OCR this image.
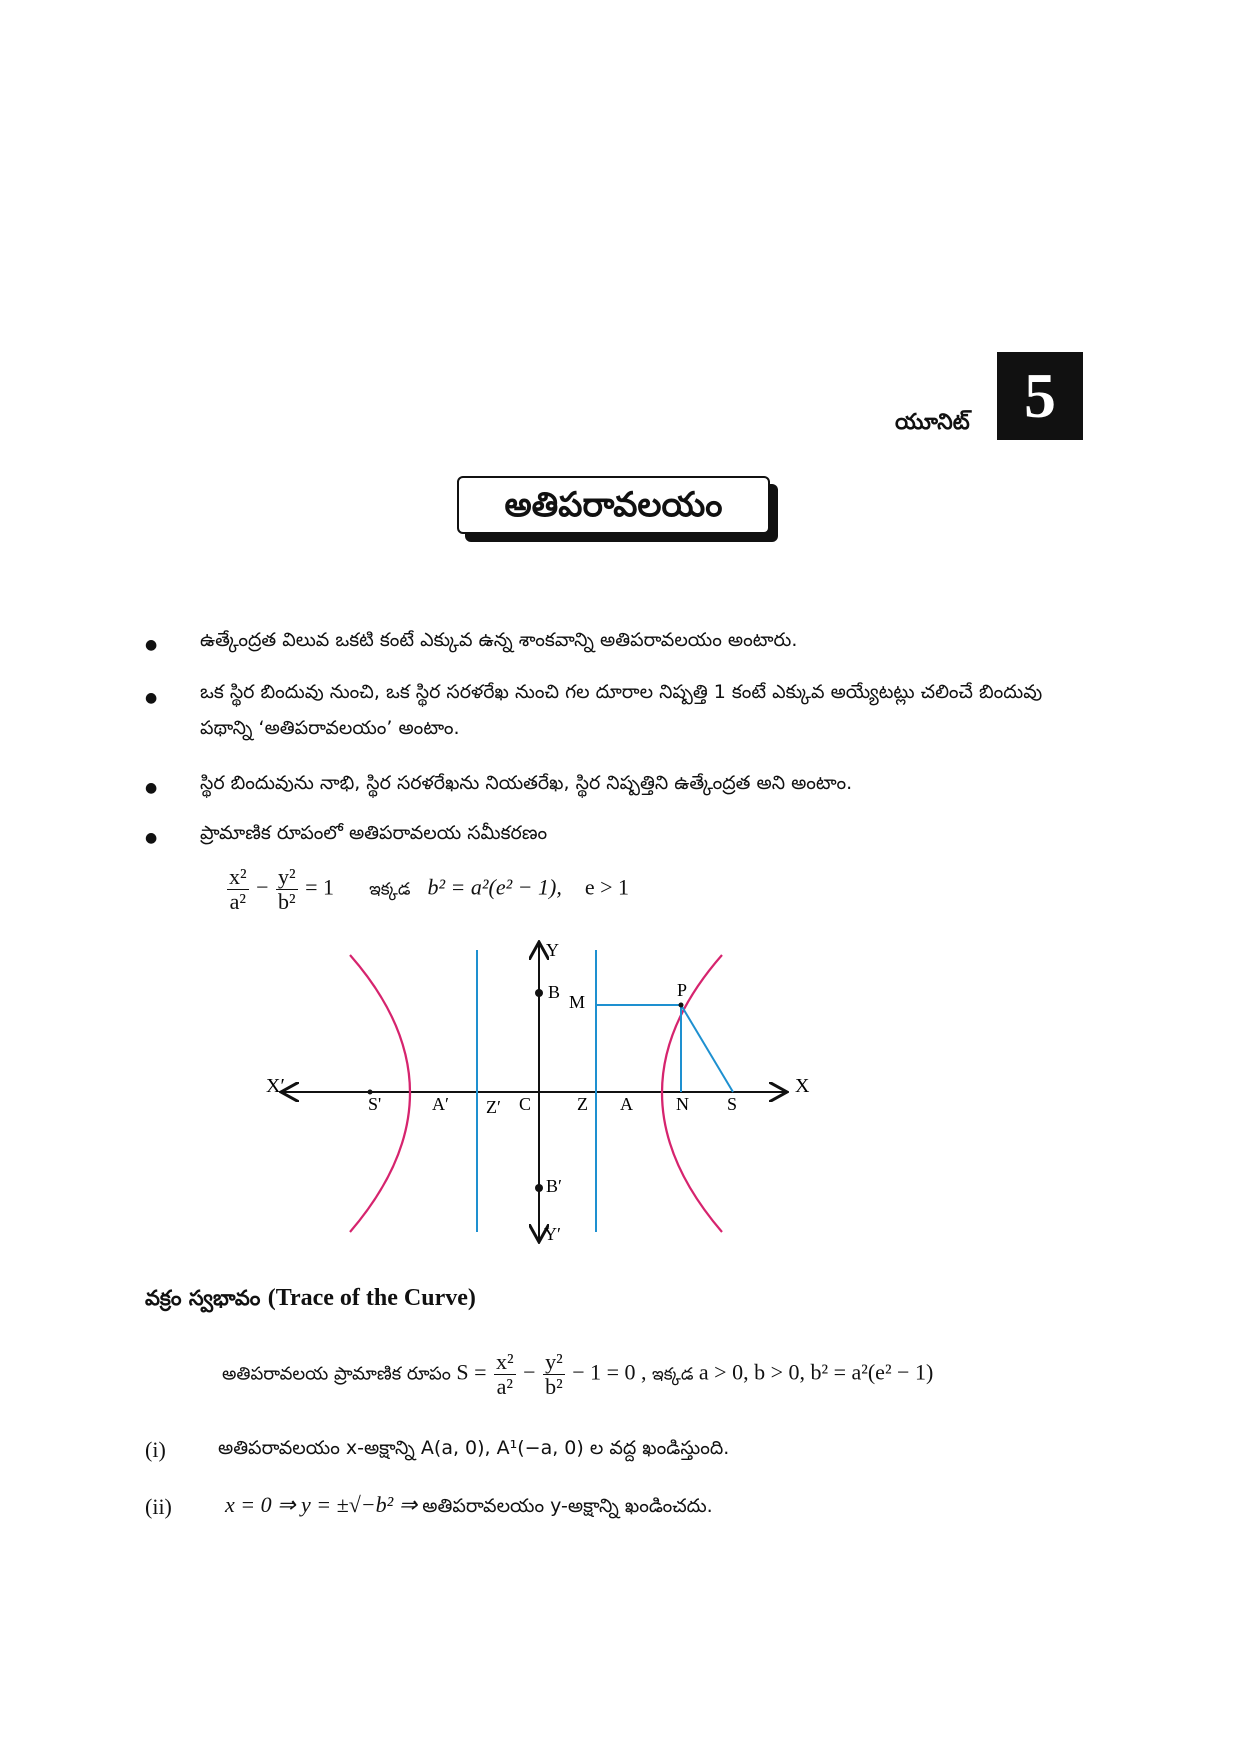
యూనిట్ 5
అతిపరావలయం
● ఉత్కేంద్రత విలువ ఒకటి కంటే ఎక్కువ ఉన్న శాంకవాన్ని అతిపరావలయం అంటారు.
● ఒక స్థిర బిందువు నుంచి, ఒక స్థిర సరళరేఖ నుంచి గల దూరాల నిష్పత్తి 1 కంటే ఎక్కువ అయ్యేటట్లు చలించే బిందువు పథాన్ని ‘అతిపరావలయం’ అంటాం.
● స్థిర బిందువును నాభి, స్థిర సరళరేఖను నియతరేఖ, స్థిర నిష్పత్తిని ఉత్కేంద్రత అని అంటాం.
● ప్రామాణిక రూపంలో అతిపరావలయ సమీకరణం
$\frac{\text{x²}}{\text{a²}} - \frac{\text{y²}}{\text{b²}} = 1$ ఇక్కడ b² = a²(e² − 1), e > 1
X
X′
Y
Y′
S'	A′ Z′ C	Z A N S
B
B′
M
P
వక్రం స్వభావం (Trace of the Curve)
అతిపరావలయ ప్రామాణిక రూపం $S = \frac{\text{x²}}{\text{a²}} - \frac{\text{y²}}{\text{b²}} - 1 = 0$ , ఇక్కడ a > 0, b > 0, b² = a²(e² − 1)
(i)	అతిపరావలయం x-అక్షాన్ని A(a, 0), A¹(−a, 0) ల వద్ద ఖండిస్తుంది.
(ii) x = 0 ⇒ y = ±√−b² ⇒ అతిపరావలయం y-అక్షాన్ని ఖండించదు.
